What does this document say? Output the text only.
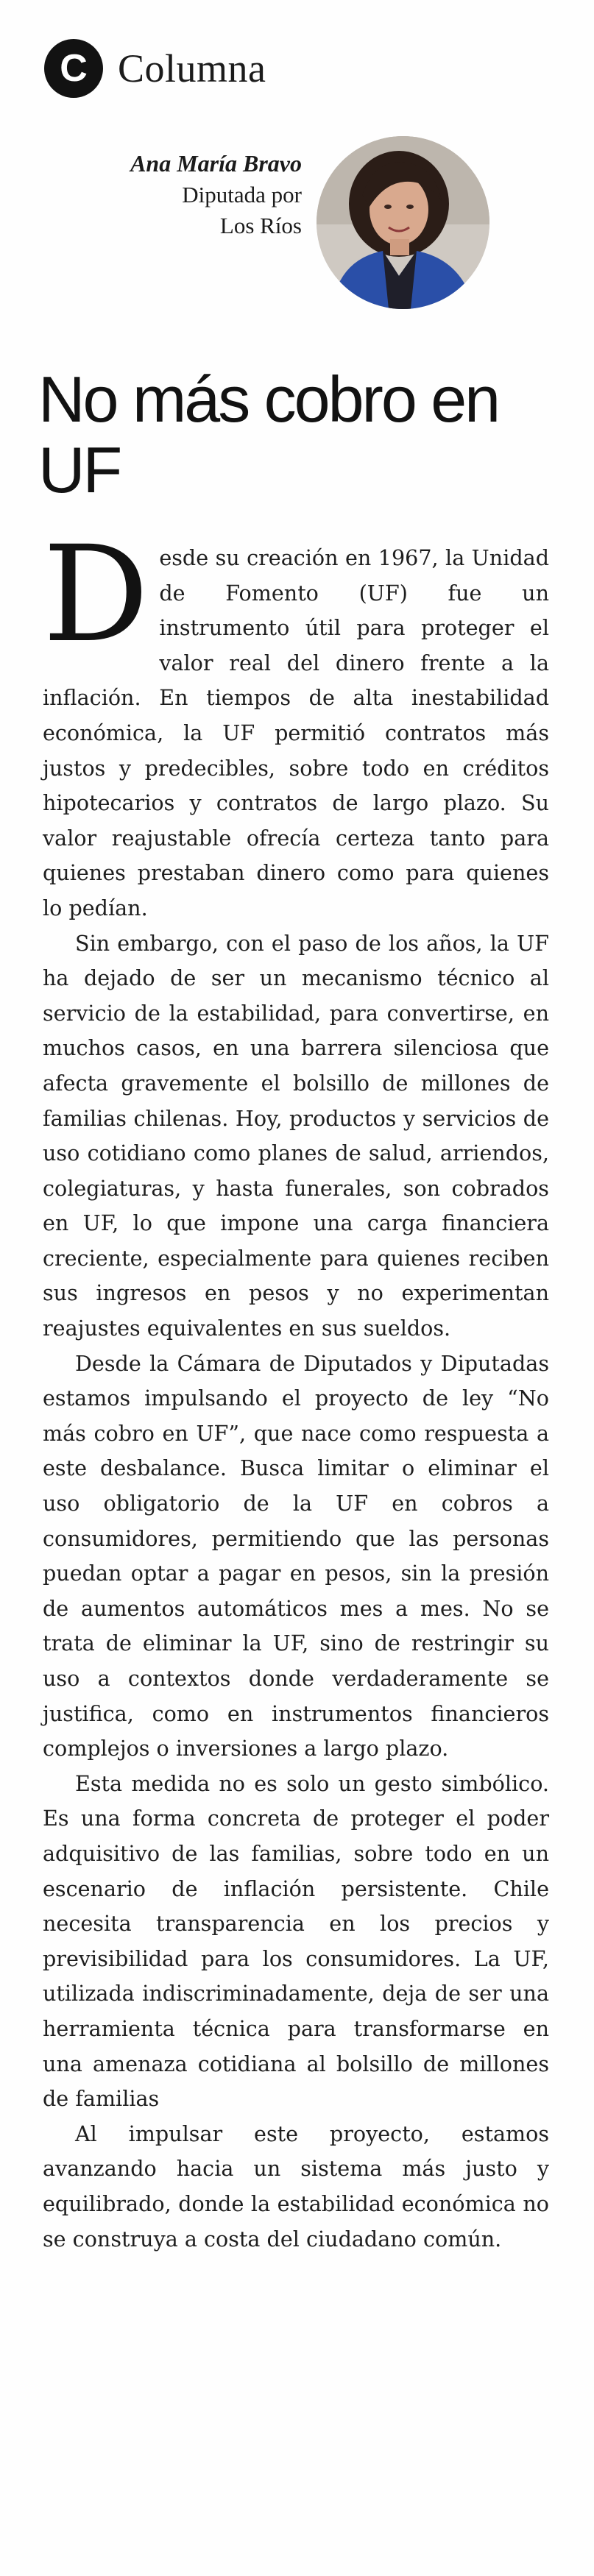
C Columna
Ana María Bravo
Diputada por
Los Ríos
No más cobro en UF

Desde su creación en 1967, la Unidad de Fomento (UF) fue un instrumento útil para proteger el valor real del dinero frente a la inflación. En tiempos de alta inestabilidad económica, la UF permitió contratos más justos y predecibles, sobre todo en créditos hipotecarios y contratos de largo plazo. Su valor reajustable ofrecía certeza tanto para quienes prestaban dinero como para quienes lo pedían.

Sin embargo, con el paso de los años, la UF ha dejado de ser un mecanismo técnico al servicio de la estabilidad, para convertirse, en muchos casos, en una barrera silenciosa que afecta gravemente el bolsillo de millones de familias chilenas. Hoy, productos y servicios de uso cotidiano como planes de salud, arriendos, colegiaturas, y hasta funerales, son cobrados en UF, lo que impone una carga financiera creciente, especialmente para quienes reciben sus ingresos en pesos y no experimentan reajustes equivalentes en sus sueldos.

Desde la Cámara de Diputados y Diputadas estamos impulsando el proyecto de ley “No más cobro en UF”, que nace como respuesta a este desbalance. Busca limitar o eliminar el uso obligatorio de la UF en cobros a consumidores, permitiendo que las personas puedan optar a pagar en pesos, sin la presión de aumentos automáticos mes a mes. No se trata de eliminar la UF, sino de restringir su uso a contextos donde verdaderamente se justifica, como en instrumentos financieros complejos o inversiones a largo plazo.

Esta medida no es solo un gesto simbólico. Es una forma concreta de proteger el poder adquisitivo de las familias, sobre todo en un escenario de inflación persistente. Chile necesita transparencia en los precios y previsibilidad para los consumidores. La UF, utilizada indiscriminadamente, deja de ser una herramienta técnica para transformarse en una amenaza cotidiana al bolsillo de millones de familias

Al impulsar este proyecto, estamos avanzando hacia un sistema más justo y equilibrado, donde la estabilidad económica no se construya a costa del ciudadano común.
